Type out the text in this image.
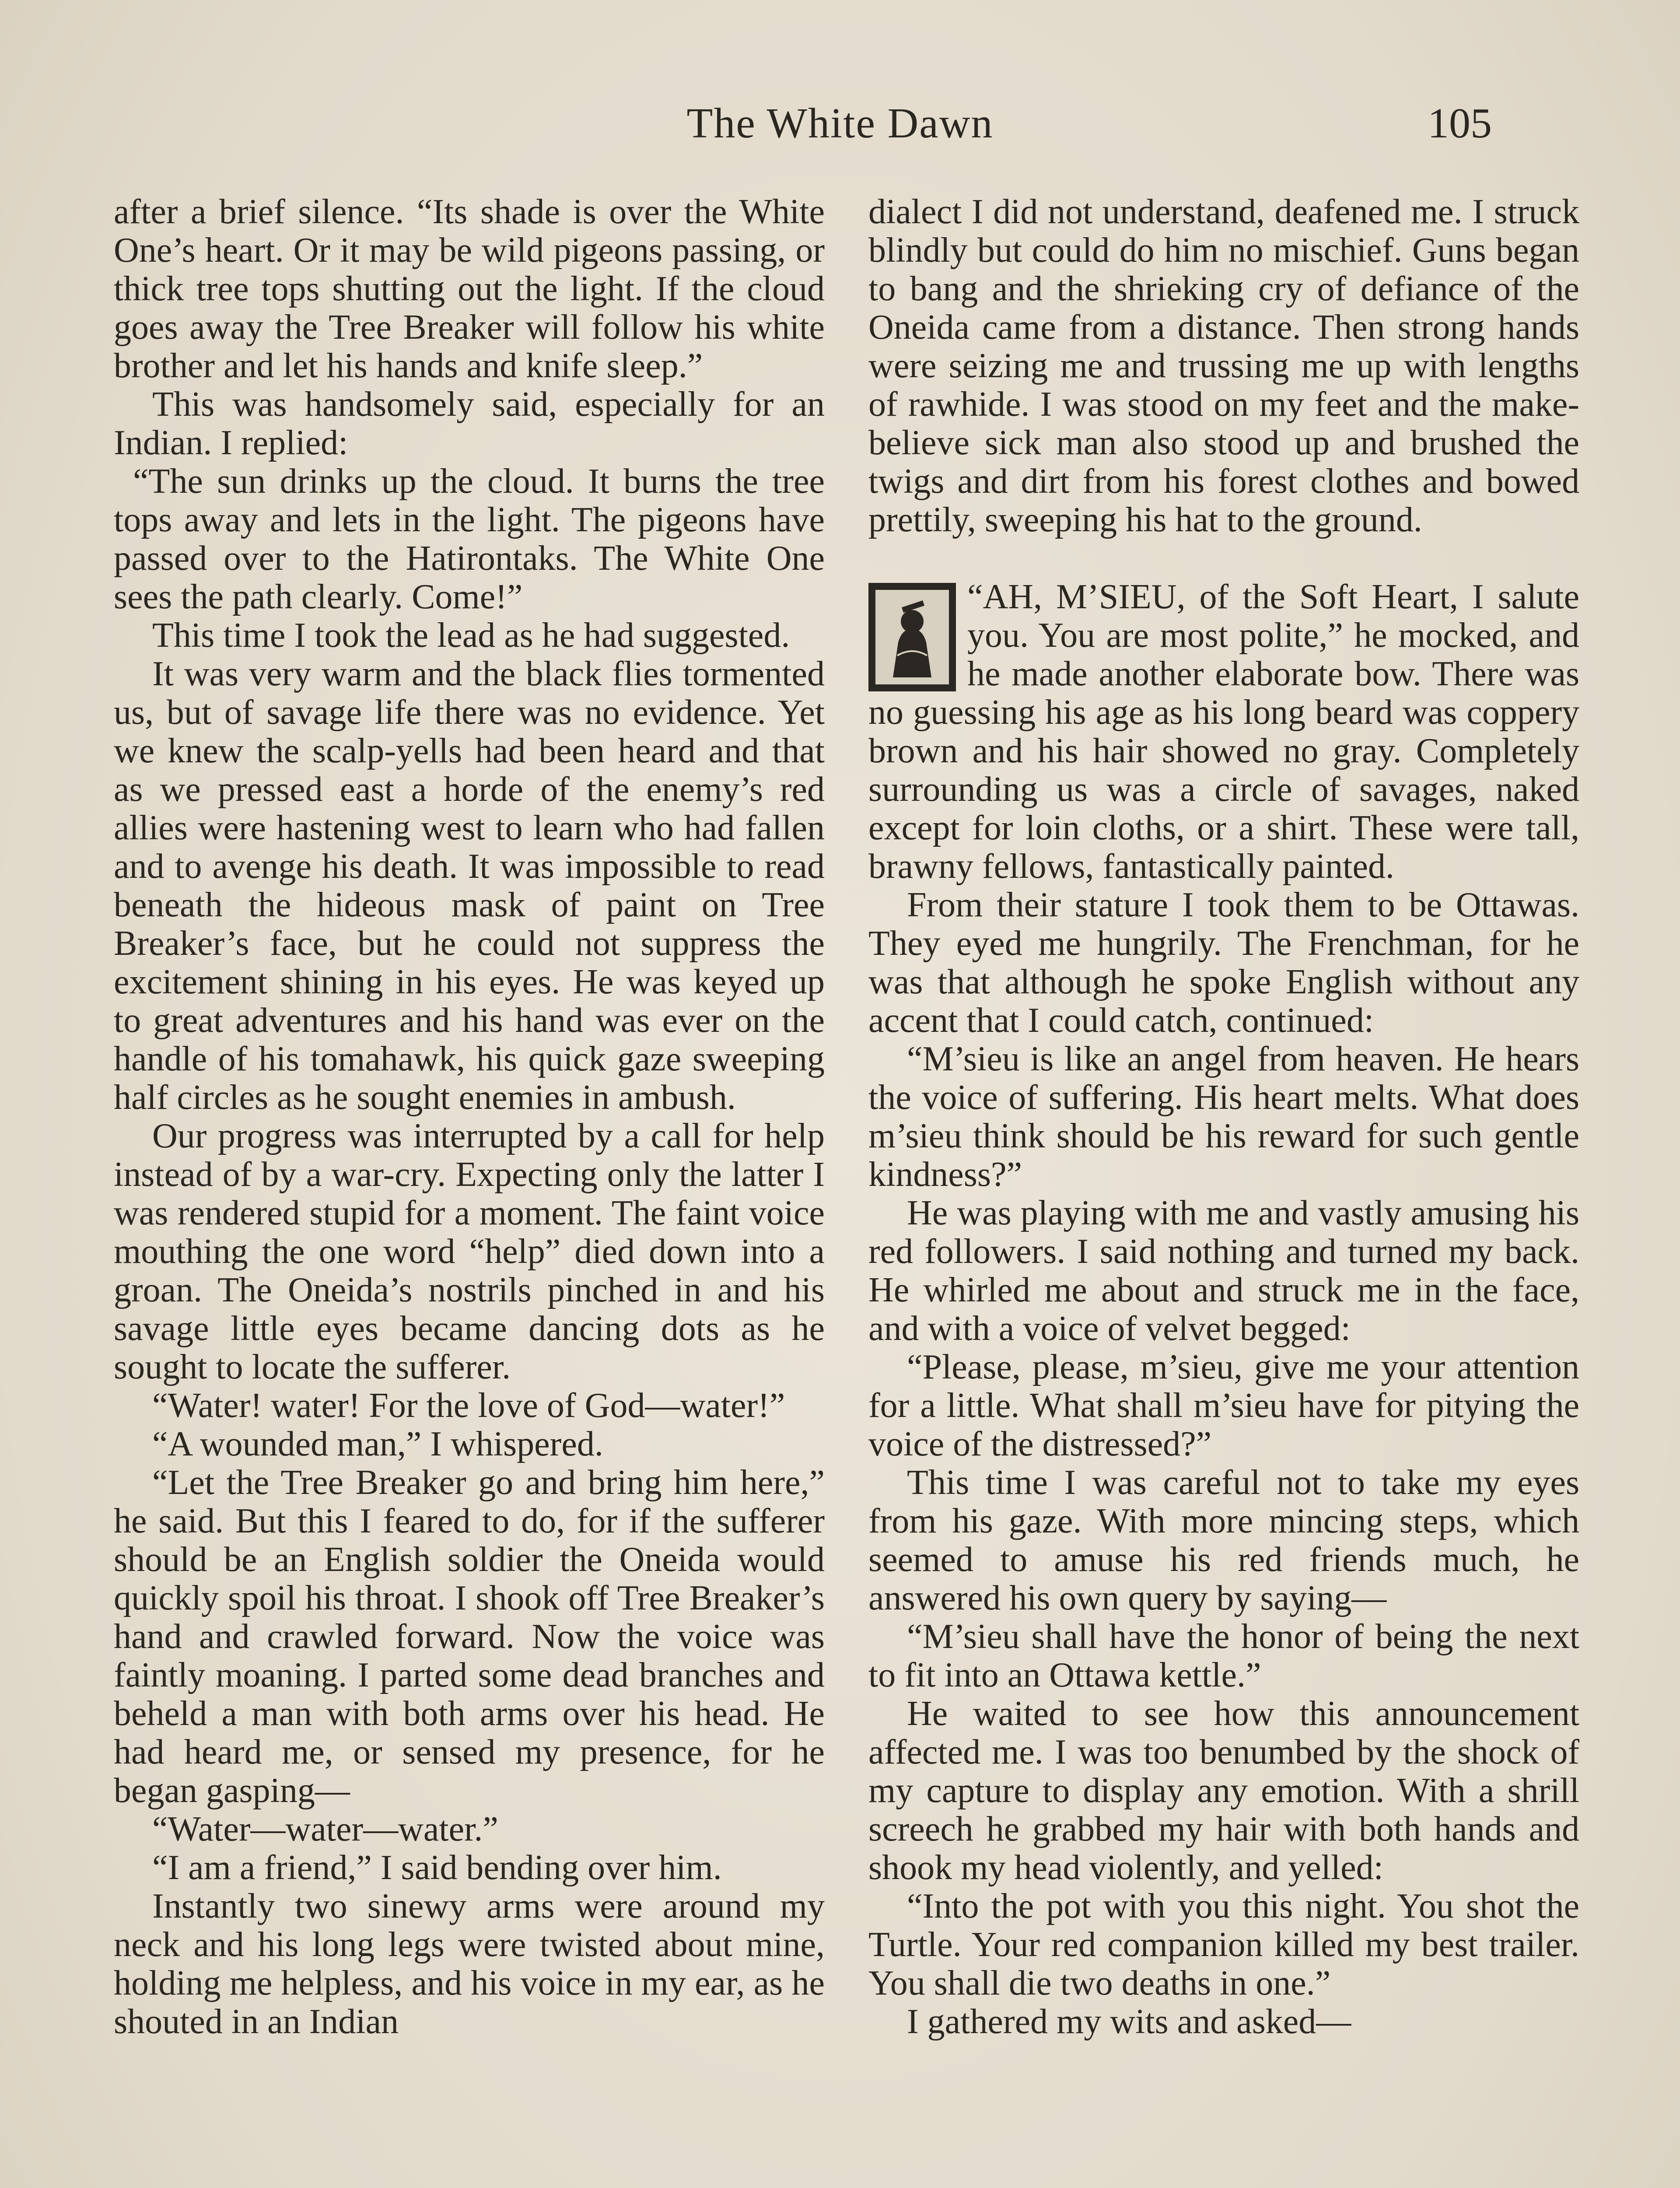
The White Dawn	105

after a brief silence. “Its shade is over the White One’s heart. Or it may be wild pigeons passing, or thick tree tops shutting out the light. If the cloud goes away the Tree Breaker will follow his white brother and let his hands and knife sleep.”

This was handsomely said, especially for an Indian. I replied:

“The sun drinks up the cloud. It burns the tree tops away and lets in the light. The pigeons have passed over to the Hatirontaks. The White One sees the path clearly. Come!”

This time I took the lead as he had suggested.

It was very warm and the black flies tormented us, but of savage life there was no evidence. Yet we knew the scalp-yells had been heard and that as we pressed east a horde of the enemy’s red allies were hastening west to learn who had fallen and to avenge his death. It was impossible to read beneath the hideous mask of paint on Tree Breaker’s face, but he could not suppress the excitement shining in his eyes. He was keyed up to great adventures and his hand was ever on the handle of his tomahawk, his quick gaze sweeping half circles as he sought enemies in ambush.

Our progress was interrupted by a call for help instead of by a war-cry. Expecting only the latter I was rendered stupid for a moment. The faint voice mouthing the one word “help” died down into a groan. The Oneida’s nostrils pinched in and his savage little eyes became dancing dots as he sought to locate the sufferer.

“Water! water! For the love of God—water!”

“A wounded man,” I whispered.

“Let the Tree Breaker go and bring him here,” he said. But this I feared to do, for if the sufferer should be an English soldier the Oneida would quickly spoil his throat. I shook off Tree Breaker’s hand and crawled forward. Now the voice was faintly moaning. I parted some dead branches and beheld a man with both arms over his head. He had heard me, or sensed my presence, for he began gasping—

“Water—water—water.”

“I am a friend,” I said bending over him.

Instantly two sinewy arms were around my neck and his long legs were twisted about mine, holding me helpless, and his voice in my ear, as he shouted in an Indian

dialect I did not understand, deafened me. I struck blindly but could do him no mischief. Guns began to bang and the shrieking cry of defiance of the Oneida came from a distance. Then strong hands were seizing me and trussing me up with lengths of rawhide. I was stood on my feet and the make-believe sick man also stood up and brushed the twigs and dirt from his forest clothes and bowed prettily, sweeping his hat to the ground.

“AH, M’SIEU, of the Soft Heart, I salute you. You are most polite,” he mocked, and he made another elaborate bow. There was no guessing his age as his long beard was coppery brown and his hair showed no gray. Completely surrounding us was a circle of savages, naked except for loin cloths, or a shirt. These were tall, brawny fellows, fantastically painted.

From their stature I took them to be Ottawas. They eyed me hungrily. The Frenchman, for he was that although he spoke English without any accent that I could catch, continued:

“M’sieu is like an angel from heaven. He hears the voice of suffering. His heart melts. What does m’sieu think should be his reward for such gentle kindness?”

He was playing with me and vastly amusing his red followers. I said nothing and turned my back. He whirled me about and struck me in the face, and with a voice of velvet begged:

“Please, please, m’sieu, give me your attention for a little. What shall m’sieu have for pitying the voice of the distressed?”

This time I was careful not to take my eyes from his gaze. With more mincing steps, which seemed to amuse his red friends much, he answered his own query by saying—

“M’sieu shall have the honor of being the next to fit into an Ottawa kettle.”

He waited to see how this announcement affected me. I was too benumbed by the shock of my capture to display any emotion. With a shrill screech he grabbed my hair with both hands and shook my head violently, and yelled:

“Into the pot with you this night. You shot the Turtle. Your red companion killed my best trailer. You shall die two deaths in one.”

I gathered my wits and asked—
